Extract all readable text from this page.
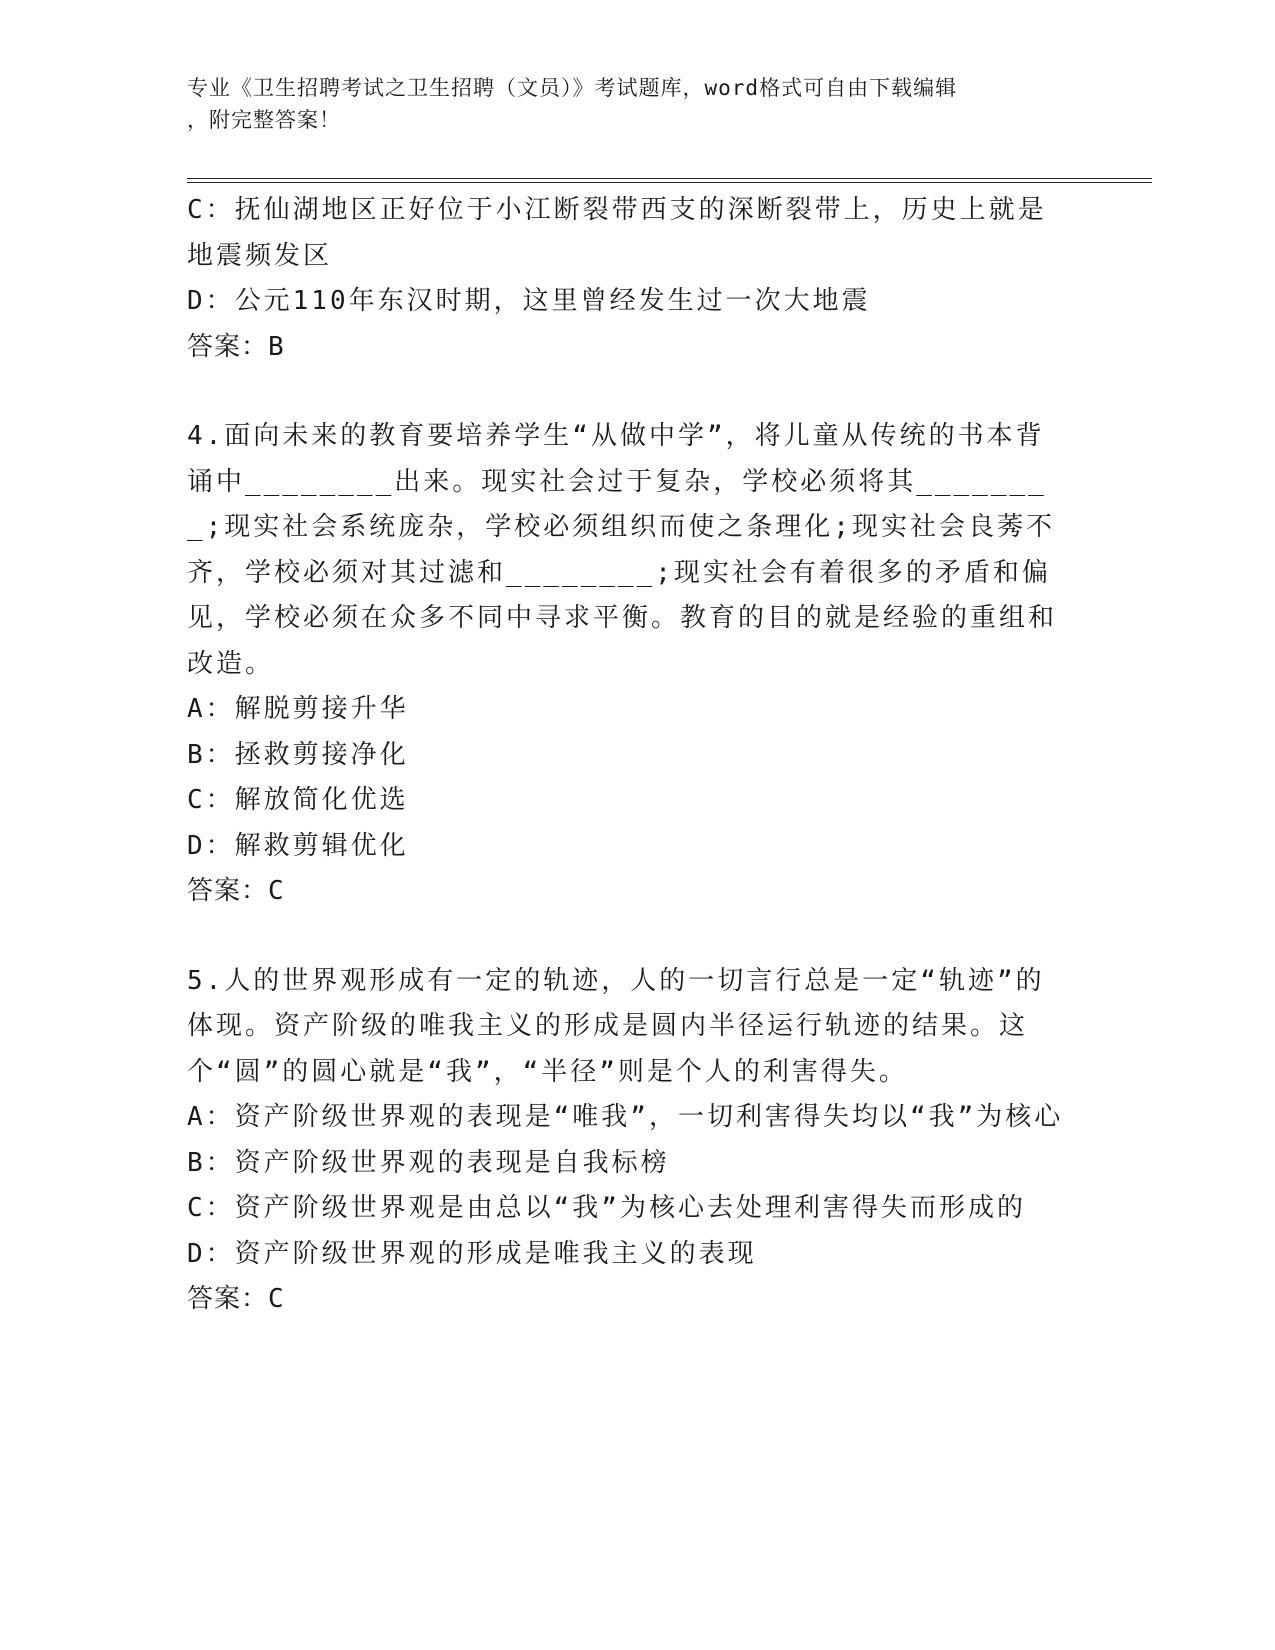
专业《卫生招聘考试之卫生招聘（文员）》考试题库，word格式可自由下载编辑
，附完整答案！
C：抚仙湖地区正好位于小江断裂带西支的深断裂带上，历史上就是地震频发区
D：公元110年东汉时期，这里曾经发生过一次大地震
答案：B
4.面向未来的教育要培养学生“从做中学”，将儿童从传统的书本背诵中________出来。现实社会过于复杂，学校必须将其________;现实社会系统庞杂，学校必须组织而使之条理化;现实社会良莠不齐，学校必须对其过滤和________;现实社会有着很多的矛盾和偏见，学校必须在众多不同中寻求平衡。教育的目的就是经验的重组和改造。
A：解脱剪接升华
B：拯救剪接净化
C：解放简化优选
D：解救剪辑优化
答案：C
5.人的世界观形成有一定的轨迹，人的一切言行总是一定“轨迹”的体现。资产阶级的唯我主义的形成是圆内半径运行轨迹的结果。这个“圆”的圆心就是“我”，“半径”则是个人的利害得失。
A：资产阶级世界观的表现是“唯我”，一切利害得失均以“我”为核心
B：资产阶级世界观的表现是自我标榜
C：资产阶级世界观是由总以“我”为核心去处理利害得失而形成的
D：资产阶级世界观的形成是唯我主义的表现
答案：C
